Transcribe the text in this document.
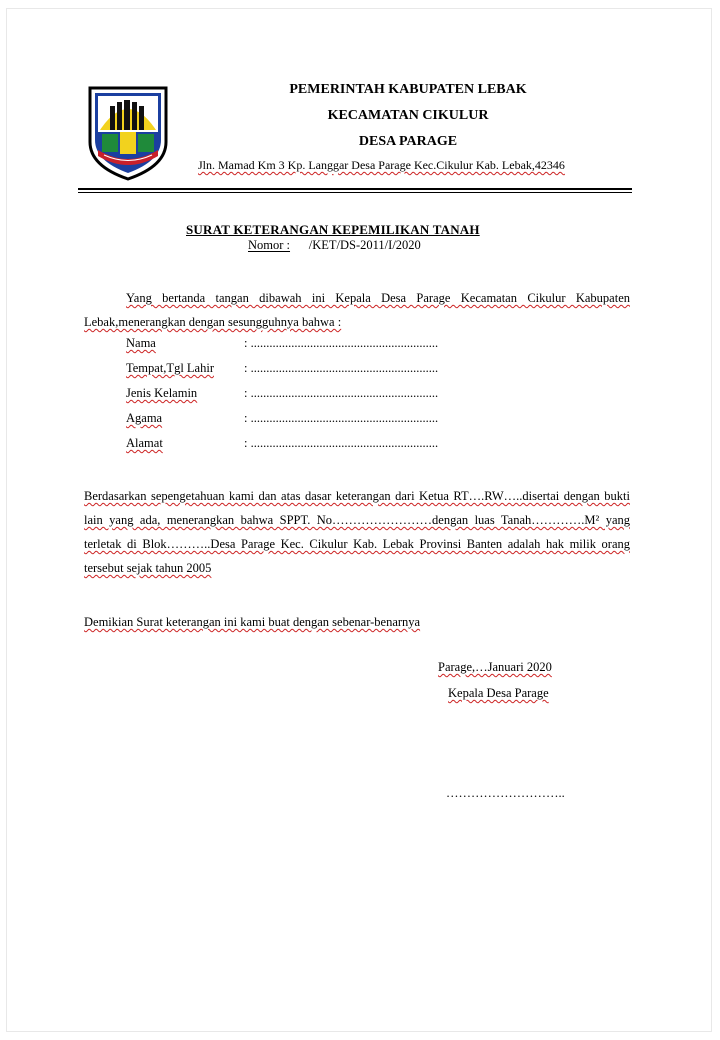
PEMERINTAH KABUPATEN LEBAK
KECAMATAN CIKULUR
DESA PARAGE
Jln. Mamad Km 3 Kp. Langgar Desa Parage Kec.Cikulur Kab. Lebak,42346
SURAT KETERANGAN KEPEMILIKAN TANAH
Nomor : /KET/DS-2011/I/2020
Yang bertanda tangan dibawah ini Kepala Desa Parage Kecamatan Cikulur Kabupaten Lebak,menerangkan dengan sesungguhnya bahwa :
Nama	: ............................................................
Tempat,Tgl Lahir : ............................................................
Jenis Kelamin	: ............................................................
Agama	: ............................................................
Alamat	: ............................................................
Berdasarkan sepengetahuan kami dan atas dasar keterangan dari Ketua RT….RW…..disertai dengan bukti lain yang ada, menerangkan bahwa SPPT. No……………………dengan luas Tanah………….M² yang terletak di Blok………..Desa Parage Kec. Cikulur Kab. Lebak Provinsi Banten adalah hak milik orang tersebut sejak tahun 2005
Demikian Surat keterangan ini kami buat dengan sebenar-benarnya
Parage,…Januari 2020
Kepala Desa Parage
………………………..
